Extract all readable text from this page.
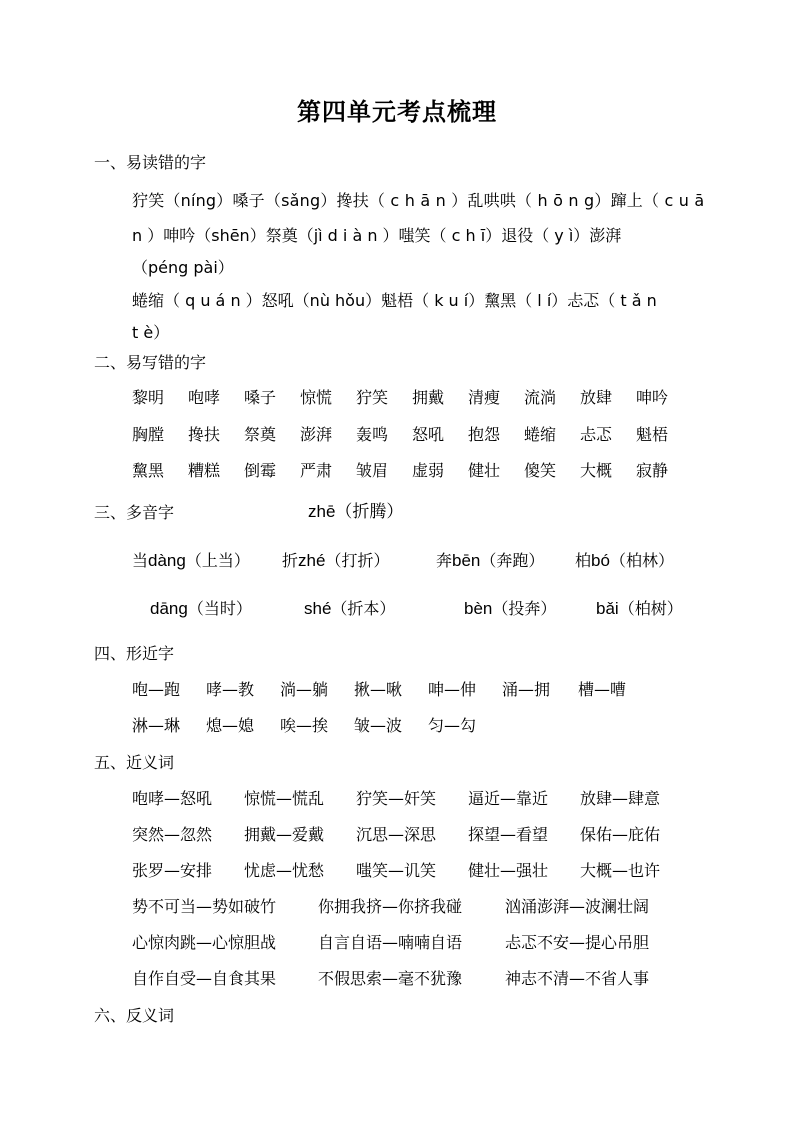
第四单元考点梳理
一、易读错的字
狞笑（níng）嗓子（sǎng）搀扶（ c h ā n ）乱哄哄（ h ō n g）蹿上（ c u ā
n ）呻吟（shēn）祭奠（jì d i à n ）嗤笑（ c h ī）退役（ y ì）澎湃
（péng pài）
蜷缩（ q u á n ）怒吼（nù hǒu）魁梧（ k u í）黧黑（ l í）忐忑（ t ǎ n
t è）
二、易写错的字
黎明 咆哮 嗓子 惊慌 狞笑 拥戴 清瘦 流淌 放肆 呻吟
胸膛 搀扶 祭奠 澎湃 轰鸣 怒吼 抱怨 蜷缩 忐忑 魁梧
黧黑 糟糕 倒霉 严肃 皱眉 虚弱 健壮 傻笑 大概 寂静
三、多音字	zhē（折腾）
当dàng（上当） 折zhé（打折）	奔bēn（奔跑） 柏bó（柏林）
dāng（当时）	shé（折本）	bèn（投奔） bǎi（柏树）
四、形近字
咆—跑 哮—教 淌—躺 揪—啾 呻—伸 涌—拥 槽—嘈
淋—琳 熄—媳 唉—挨 皱—波 匀—勾
五、近义词
咆哮—怒吼 惊慌—慌乱 狞笑—奸笑 逼近—靠近 放肆—肆意
突然—忽然 拥戴—爱戴 沉思—深思 探望—看望 保佑—庇佑
张罗—安排 忧虑—忧愁 嗤笑—讥笑 健壮—强壮 大概—也许
势不可当—势如破竹	你拥我挤—你挤我碰	汹涌澎湃—波澜壮阔
心惊肉跳—心惊胆战	自言自语—喃喃自语	忐忑不安—提心吊胆
自作自受—自食其果	不假思索—毫不犹豫	神志不清—不省人事
六、反义词
